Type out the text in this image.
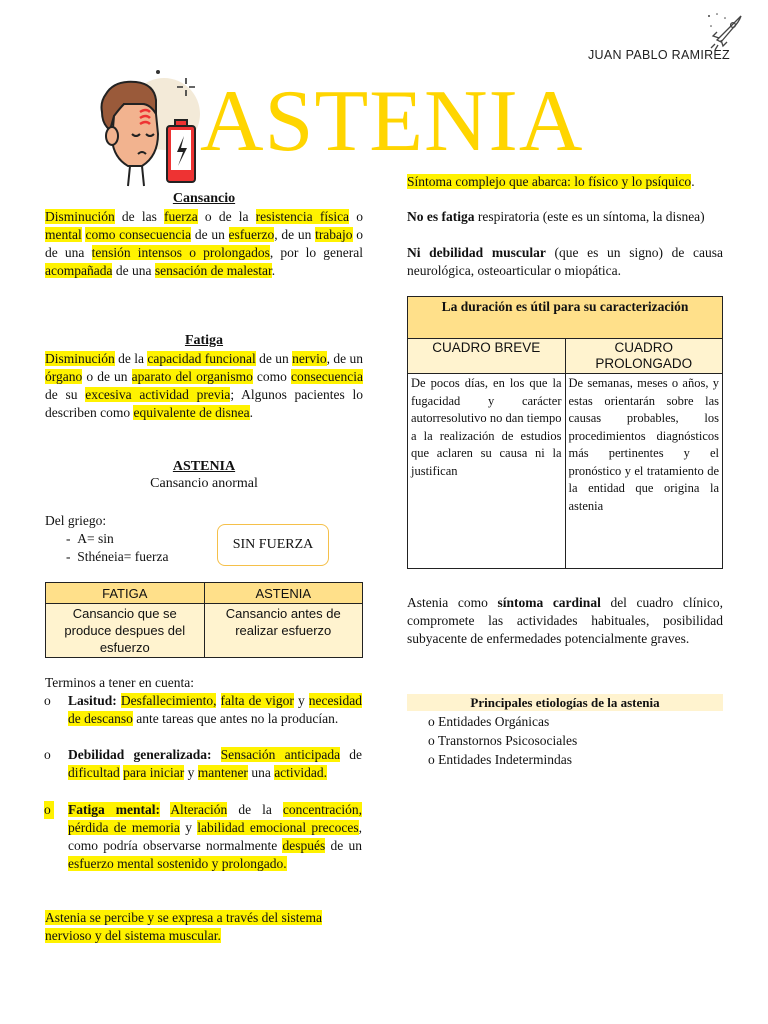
JUAN PABLO RAMIREZ
ASTENIA
Cansancio
Disminución de las fuerza o de la resistencia física o mental como consecuencia de un esfuerzo, de un trabajo o de una tensión intensos o prolongados, por lo general acompañada de una sensación de malestar.
Fatiga
Disminución de la capacidad funcional de un nervio, de un órgano o de un aparato del organismo como consecuencia de su excesiva actividad previa; Algunos pacientes lo describen como equivalente de disnea.
ASTENIA
Cansancio anormal
Del griego:
-  A= sin
-  Sthéneia= fuerza
SIN FUERZA
FATIGA	ASTENIA
Cansancio que se produce despues del esfuerzo	Cansancio antes de realizar esfuerzo
Terminos a tener en cuenta:
o Lasitud: Desfallecimiento, falta de vigor y necesidad de descanso ante tareas que antes no la producían.
o Debilidad generalizada: Sensación anticipada de dificultad para iniciar y mantener una actividad.
o Fatiga mental: Alteración de la concentración, pérdida de memoria y labilidad emocional precoces, como podría observarse normalmente después de un esfuerzo mental sostenido y prolongado.
Astenia se percibe y se expresa a través del sistema nervioso y del sistema muscular.
Síntoma complejo que abarca: lo físico y lo psíquico.
No es fatiga respiratoria (este es un síntoma, la disnea)
Ni debilidad muscular (que es un signo) de causa neurológica, osteoarticular o miopática.
La duración es útil para su caracterización	
CUADRO BREVE	CUADRO PROLONGADO
De pocos días, en los que la fugacidad y carácter autorresolutivo no dan tiempo a la realización de estudios que aclaren su causa ni la justifican	De semanas, meses o años, y estas orientarán sobre las causas probables, los procedimientos diagnósticos más pertinentes y el pronóstico y el tratamiento de la entidad que origina la astenia
Astenia como síntoma cardinal del cuadro clínico, compromete las actividades habituales, posibilidad subyacente de enfermedades potencialmente graves.
Principales etiologías de la astenia
o Entidades Orgánicas
o Transtornos Psicosociales
o Entidades Indetermindas
